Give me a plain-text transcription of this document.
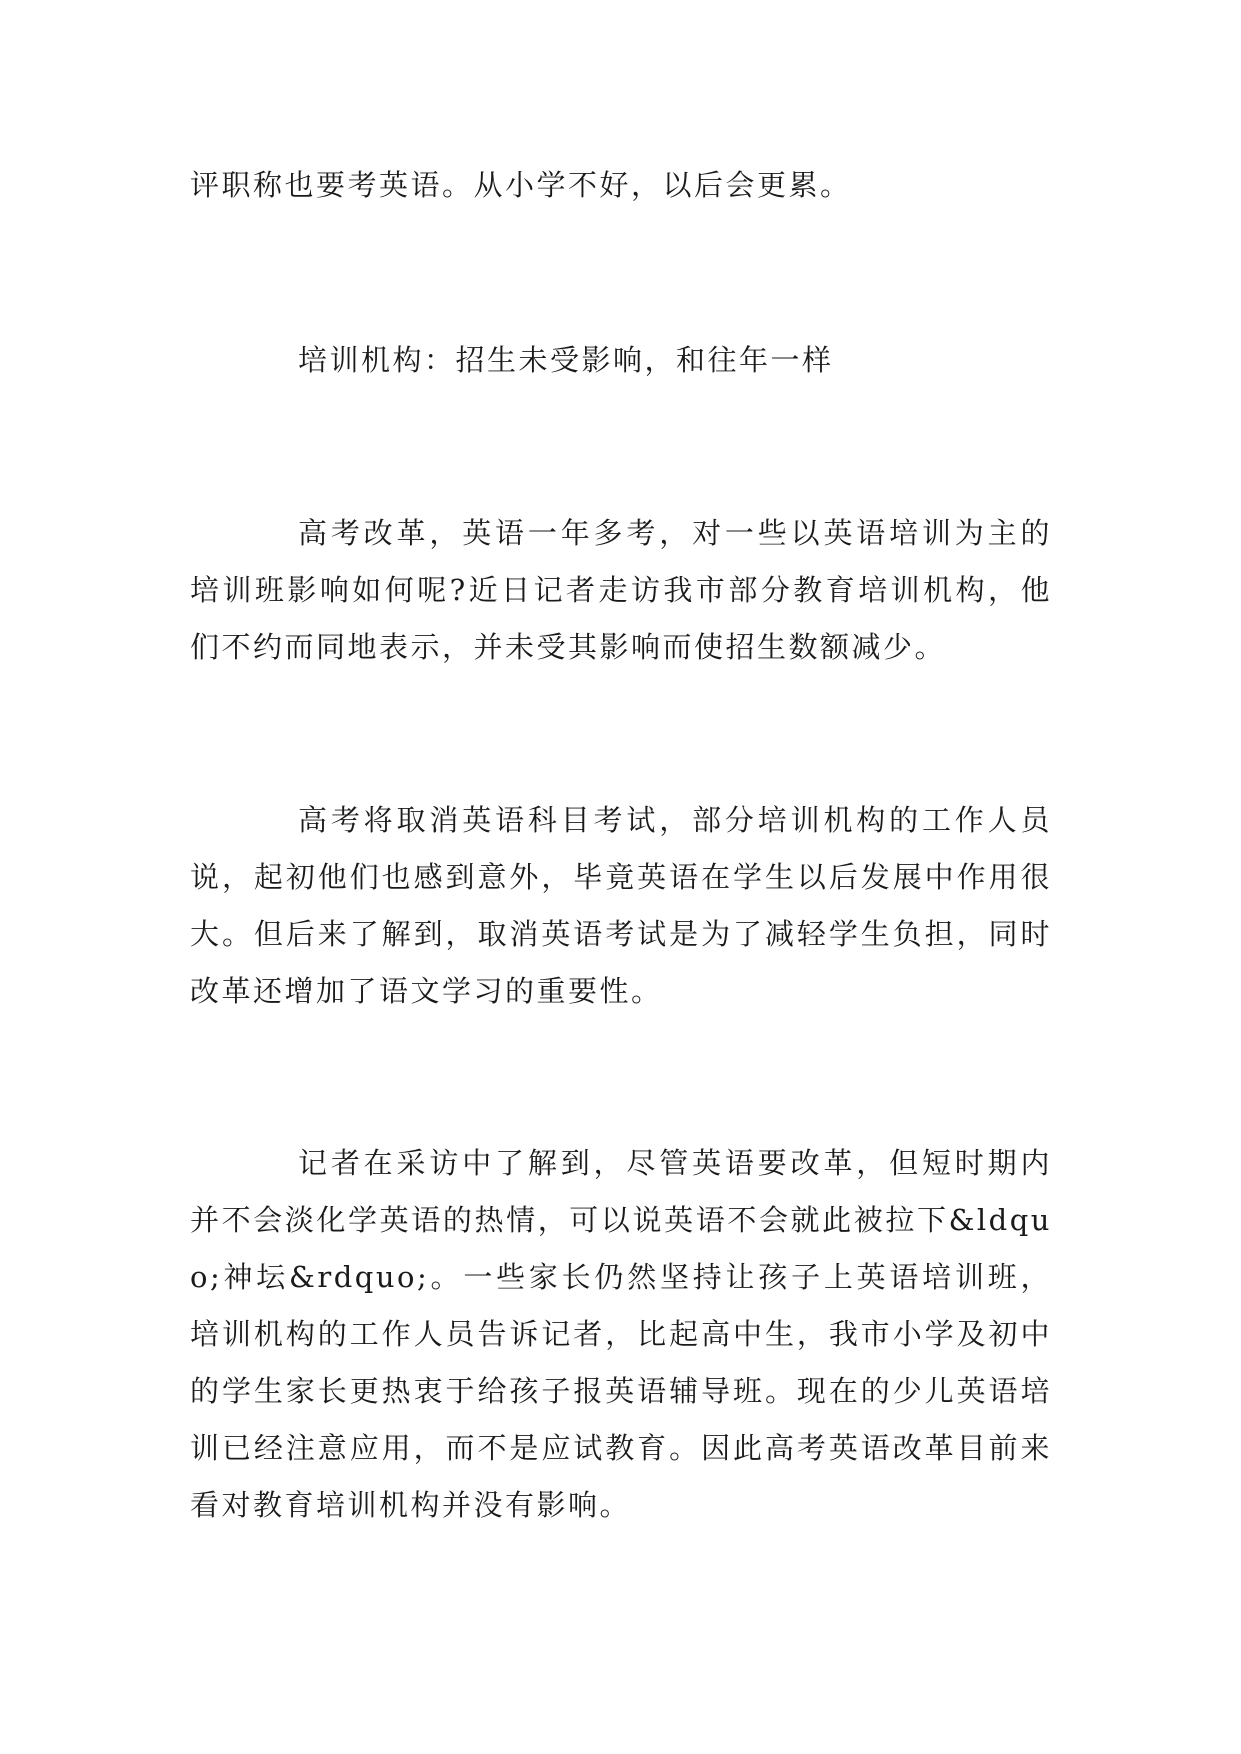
评职称也要考英语。从小学不好，以后会更累。

培训机构：招生未受影响，和往年一样

高考改革，英语一年多考，对一些以英语培训为主的培训班影响如何呢?近日记者走访我市部分教育培训机构，他们不约而同地表示，并未受其影响而使招生数额减少。

高考将取消英语科目考试，部分培训机构的工作人员说，起初他们也感到意外，毕竟英语在学生以后发展中作用很大。但后来了解到，取消英语考试是为了减轻学生负担，同时改革还增加了语文学习的重要性。

记者在采访中了解到，尽管英语要改革，但短时期内并不会淡化学英语的热情，可以说英语不会就此被拉下&ldquo;神坛&rdquo;。一些家长仍然坚持让孩子上英语培训班，培训机构的工作人员告诉记者，比起高中生，我市小学及初中的学生家长更热衷于给孩子报英语辅导班。现在的少儿英语培训已经注意应用，而不是应试教育。因此高考英语改革目前来看对教育培训机构并没有影响。
